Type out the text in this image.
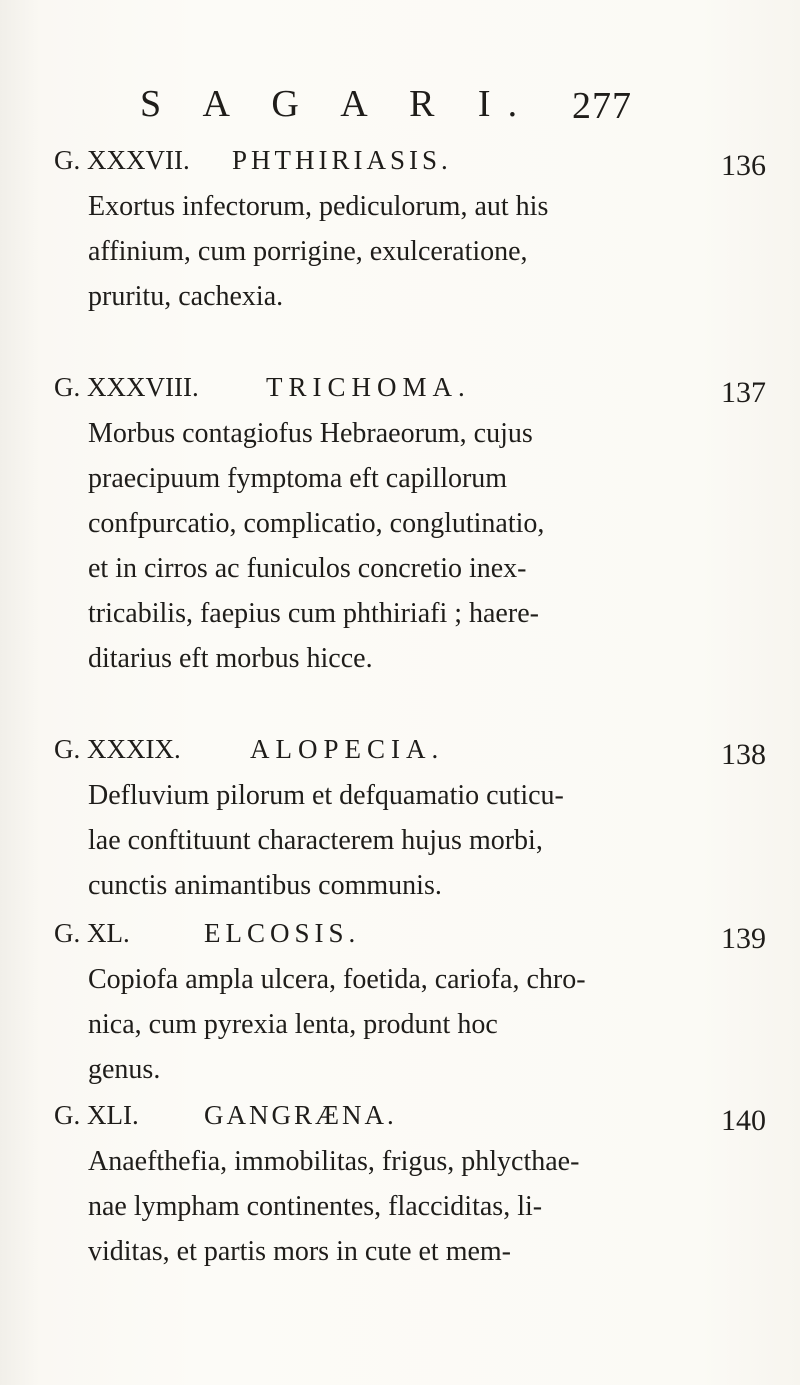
S A G A R I. 277
G. XXXVII. PHTHIRIASIS.	136

Exortus infectorum, pediculorum, aut his
affinium, cum porrigine, exulceratione,
pruritu, cachexia.

G. XXXVIII. TRICHOMA.	137

Morbus contagiofus Hebraeorum, cujus
praecipuum fymptoma eft capillorum
confpurcatio, complicatio, conglutinatio,
et in cirros ac funiculos concretio inex-
tricabilis, faepius cum phthiriafi ; haere-
ditarius eft morbus hicce.

G. XXXIX.	ALOPECIA.	138

Defluvium pilorum et defquamatio cuticu-
lae conftituunt characterem hujus morbi,
cunctis animantibus communis.

G. XL.	ELCOSIS.	139

Copiofa ampla ulcera, foetida, cariofa, chro-
nica, cum pyrexia lenta, produnt hoc
genus.

G. XLI. GANGRÆNA.	140

Anaefthefia, immobilitas, frigus, phlycthae-
nae lympham continentes, flacciditas, li-
viditas, et partis mors in cute et mem-
